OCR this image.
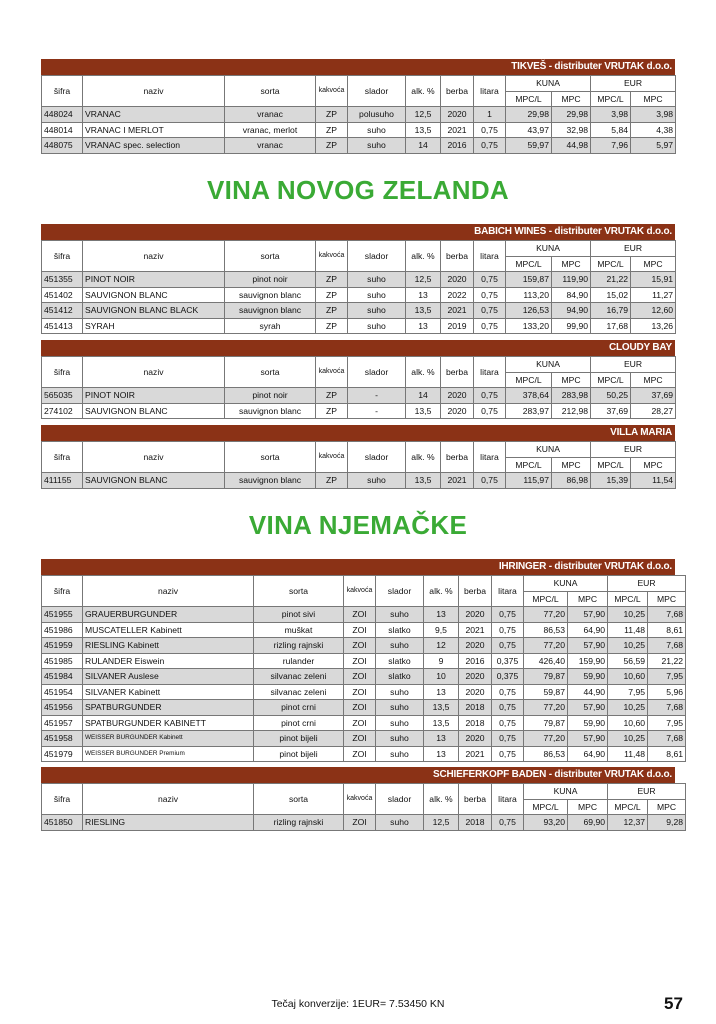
TIKVEŠ - distributer VRUTAK d.o.o.
šifra	naziv	sorta	kakvoća	slador	alk. %	berba	litara	KUNA		EUR	
								MPC/L	MPC	MPC/L	MPC
448024	VRANAC	vranac	ZP	polusuho	12,5	2020	1	29,98	29,98	3,98	3,98
448014	VRANAC I MERLOT	vranac, merlot	ZP	suho	13,5	2021	0,75	43,97	32,98	5,84	4,38
448075	VRANAC spec. selection	vranac	ZP	suho	14	2016	0,75	59,97	44,98	7,96	5,97
VINA NOVOG ZELANDA
BABICH WINES - distributer VRUTAK d.o.o.
šifra	naziv	sorta	kakvoća	slador	alk. %	berba	litara	KUNA		EUR	
								MPC/L	MPC	MPC/L	MPC
451355	PINOT NOIR	pinot noir	ZP	suho	12,5	2020	0,75	159,87	119,90	21,22	15,91
451402	SAUVIGNON BLANC	sauvignon blanc	ZP	suho	13	2022	0,75	113,20	84,90	15,02	11,27
451412	SAUVIGNON BLANC BLACK	sauvignon blanc	ZP	suho	13,5	2021	0,75	126,53	94,90	16,79	12,60
451413	SYRAH	syrah	ZP	suho	13	2019	0,75	133,20	99,90	17,68	13,26
CLOUDY BAY
šifra	naziv	sorta	kakvoća	slador	alk. %	berba	litara	KUNA		EUR	
								MPC/L	MPC	MPC/L	MPC
565035	PINOT NOIR	pinot noir	ZP	-	14	2020	0,75	378,64	283,98	50,25	37,69
274102	SAUVIGNON BLANC	sauvignon blanc	ZP	-	13,5	2020	0,75	283,97	212,98	37,69	28,27
VILLA MARIA
šifra	naziv	sorta	kakvoća	slador	alk. %	berba	litara	KUNA		EUR	
								MPC/L	MPC	MPC/L	MPC
411155	SAUVIGNON BLANC	sauvignon blanc	ZP	suho	13,5	2021	0,75	115,97	86,98	15,39	11,54
VINA NJEMAČKE
IHRINGER - distributer VRUTAK d.o.o.
šifra	naziv	sorta	kakvoća	slador	alk. %	berba	litara	KUNA		EUR	
								MPC/L	MPC	MPC/L	MPC
451955	GRAUERBURGUNDER	pinot sivi	ZOI	suho	13	2020	0,75	77,20	57,90	10,25	7,68
451986	MUSCATELLER Kabinett	muškat	ZOI	slatko	9,5	2021	0,75	86,53	64,90	11,48	8,61
451959	RIESLING Kabinett	rizling rajnski	ZOI	suho	12	2020	0,75	77,20	57,90	10,25	7,68
451985	RULANDER Eiswein	rulander	ZOI	slatko	9	2016	0,375	426,40	159,90	56,59	21,22
451984	SILVANER Auslese	silvanac zeleni	ZOI	slatko	10	2020	0,375	79,87	59,90	10,60	7,95
451954	SILVANER Kabinett	silvanac zeleni	ZOI	suho	13	2020	0,75	59,87	44,90	7,95	5,96
451956	SPATBURGUNDER	pinot crni	ZOI	suho	13,5	2018	0,75	77,20	57,90	10,25	7,68
451957	SPATBURGUNDER KABINETT	pinot crni	ZOI	suho	13,5	2018	0,75	79,87	59,90	10,60	7,95
451958	WEISSER BURGUNDER Kabinett	pinot bijeli	ZOI	suho	13	2020	0,75	77,20	57,90	10,25	7,68
451979	WEISSER BURGUNDER Premium	pinot bijeli	ZOI	suho	13	2021	0,75	86,53	64,90	11,48	8,61
SCHIEFERKOPF BADEN - distributer VRUTAK d.o.o.
šifra	naziv	sorta	kakvoća	slador	alk. %	berba	litara	KUNA		EUR	
								MPC/L	MPC	MPC/L	MPC
451850	RIESLING	rizling rajnski	ZOI	suho	12,5	2018	0,75	93,20	69,90	12,37	9,28
Tečaj konverzije: 1EUR= 7.53450 KN	57
